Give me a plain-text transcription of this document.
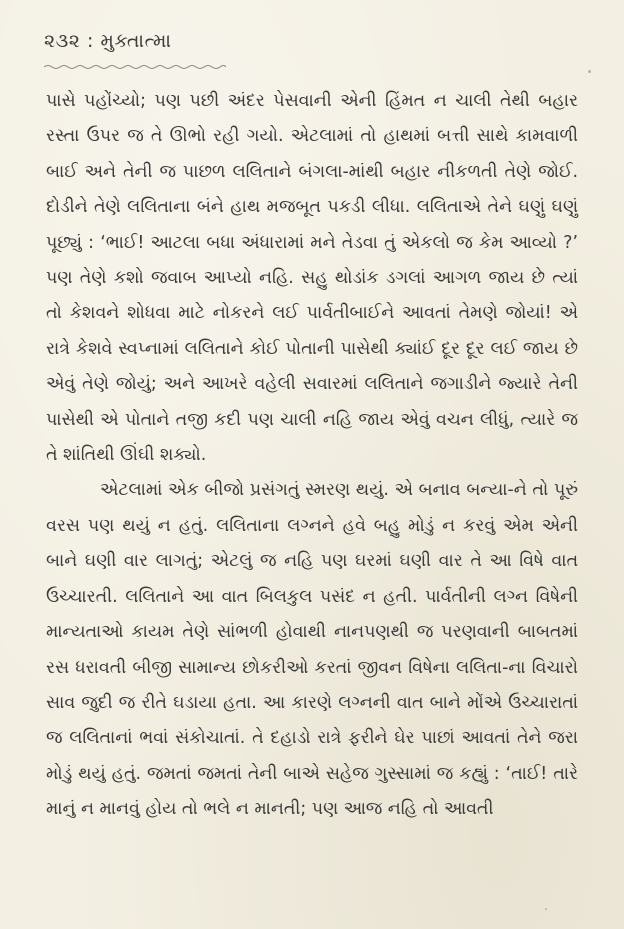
૨૩૨ : મુક્તાત્મા

પાસે પહોંચ્યો; પણ પછી અંદર પેસવાની એની હિંમત ન ચાલી તેથી બહાર રસ્તા ઉપર જ તે ઊભો રહી ગયો. એટલામાં તો હાથમાં બત્તી સાથે કામવાળી બાઈ અને તેની જ પાછળ લલિતાને બંગલા-માંથી બહાર નીકળતી તેણે જોઈ. દોડીને તેણે લલિતાના બંને હાથ મજબૂત પકડી લીધા. લલિતાએ તેને ઘણું ઘણું પૂછ્યું : ‘ભાઈ! આટલા બધા અંધારામાં મને તેડવા તું એકલો જ કેમ આવ્યો ?’ પણ તેણે કશો જવાબ આપ્યો નહિ. સહુ થોડાંક ડગલાં આગળ જાય છે ત્યાં તો કેશવને શોધવા માટે નોકરને લઈ પાર્વતીબાઈને આવતાં તેમણે જોયાં! એ રાત્રે કેશવે સ્વપ્નામાં લલિતાને કોઈ પોતાની પાસેથી ક્યાંઈ દૂર દૂર લઈ જાય છે એવું તેણે જોયું; અને આખરે વહેલી સવારમાં લલિતાને જગાડીને જ્યારે તેની પાસેથી એ પોતાને તજી કદી પણ ચાલી નહિ જાય એવું વચન લીધું, ત્યારે જ તે શાંતિથી ઊંઘી શક્યો.

એટલામાં એક બીજો પ્રસંગતું સ્મરણ થયું. એ બનાવ બન્યા-ને તો પૂરું વરસ પણ થયું ન હતું. લલિતાના લગ્નને હવે બહુ મોડું ન કરવું એમ એની બાને ઘણી વાર લાગતું; એટલું જ નહિ પણ ઘરમાં ઘણી વાર તે આ વિષે વાત ઉચ્ચારતી. લલિતાને આ વાત બિલકુલ પસંદ ન હતી. પાર્વતીની લગ્ન વિષેની માન્યતાઓ કાયમ તેણે સાંભળી હોવાથી નાનપણથી જ પરણવાની બાબતમાં રસ ધરાવતી બીજી સામાન્ય છોકરીઓ કરતાં જીવન વિષેના લલિતા-ના વિચારો સાવ જુદી જ રીતે ઘડાયા હતા. આ કારણે લગ્નની વાત બાને મોંએ ઉચ્ચારાતાં જ લલિતાનાં ભવાં સંકોચાતાં. તે દહાડો રાત્રે ફરીને ઘેર પાછાં આવતાં તેને જરા મોડું થયું હતું. જમતાં જમતાં તેની બાએ સહેજ ગુસ્સામાં જ કહ્યું : ‘તાઈ! તારે માનું ન માનવું હોય તો ભલે ન માનતી; પણ આજ નહિ તો આવતી
